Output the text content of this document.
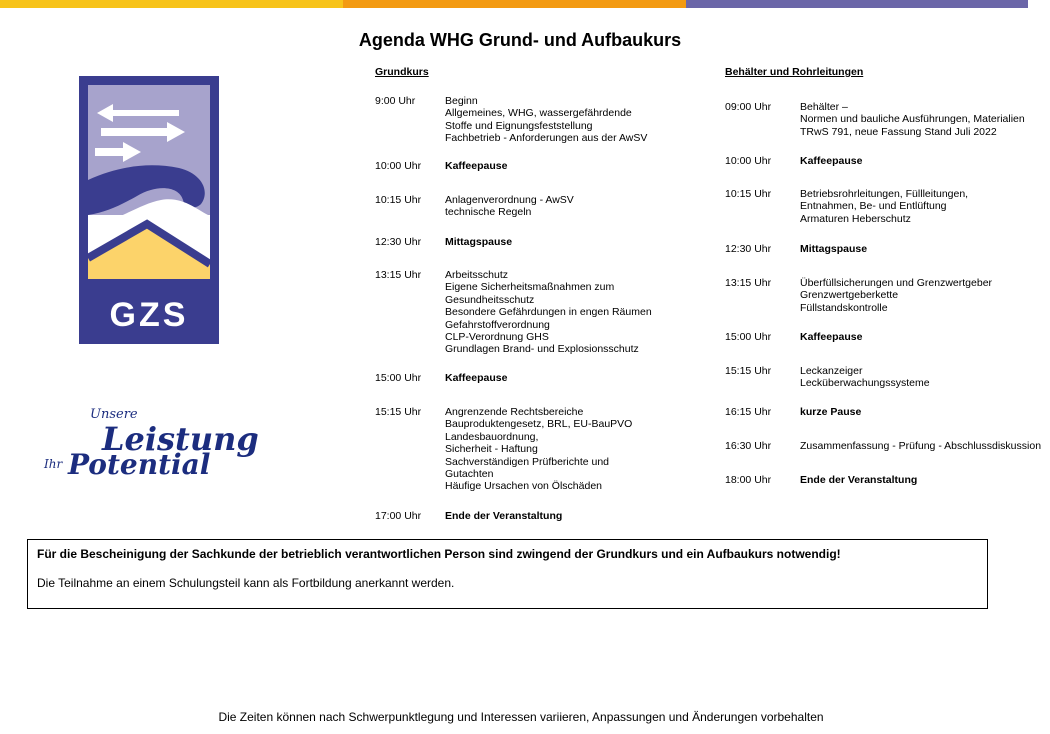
Agenda WHG Grund- und Aufbaukurs
GZS
Unsere
Leistung
Ihr Potential
Grundkurs
9:00 Uhr	Beginn
Allgemeines, WHG, wassergefährdende
Stoffe und Eignungsfeststellung
Fachbetrieb - Anforderungen aus der AwSV
10:00 Uhr	Kaffeepause
10:15 Uhr	Anlagenverordnung - AwSV
technische Regeln
12:30 Uhr	Mittagspause
13:15 Uhr	Arbeitsschutz
Eigene Sicherheitsmaßnahmen zum
Gesundheitsschutz
Besondere Gefährdungen in engen Räumen
Gefahrstoffverordnung
CLP-Verordnung GHS
Grundlagen Brand- und Explosionsschutz
15:00 Uhr	Kaffeepause
15:15 Uhr	Angrenzende Rechtsbereiche
Bauproduktengesetz, BRL, EU-BauPVO
Landesbauordnung,
Sicherheit - Haftung
Sachverständigen Prüfberichte und
Gutachten
Häufige Ursachen von Ölschäden
17:00 Uhr	Ende der Veranstaltung
Behälter und Rohrleitungen
09:00 Uhr	Behälter –
Normen und bauliche Ausführungen, Materialien
TRwS 791, neue Fassung Stand Juli 2022
10:00 Uhr	Kaffeepause
10:15 Uhr	Betriebsrohrleitungen, Füllleitungen,
Entnahmen, Be- und Entlüftung
Armaturen Heberschutz
12:30 Uhr	Mittagspause
13:15 Uhr	Überfüllsicherungen und Grenzwertgeber
Grenzwertgeberkette
Füllstandskontrolle
15:00 Uhr	Kaffeepause
15:15 Uhr	Leckanzeiger
Lecküberwachungssysteme
16:15 Uhr	kurze Pause
16:30 Uhr	Zusammenfassung - Prüfung - Abschlussdiskussion
18:00 Uhr	Ende der Veranstaltung
Für die Bescheinigung der Sachkunde der betrieblich verantwortlichen Person sind zwingend der Grundkurs und ein Aufbaukurs notwendig!
Die Teilnahme an einem Schulungsteil kann als Fortbildung anerkannt werden.
Die Zeiten können nach Schwerpunktlegung und Interessen variieren, Anpassungen und Änderungen vorbehalten
